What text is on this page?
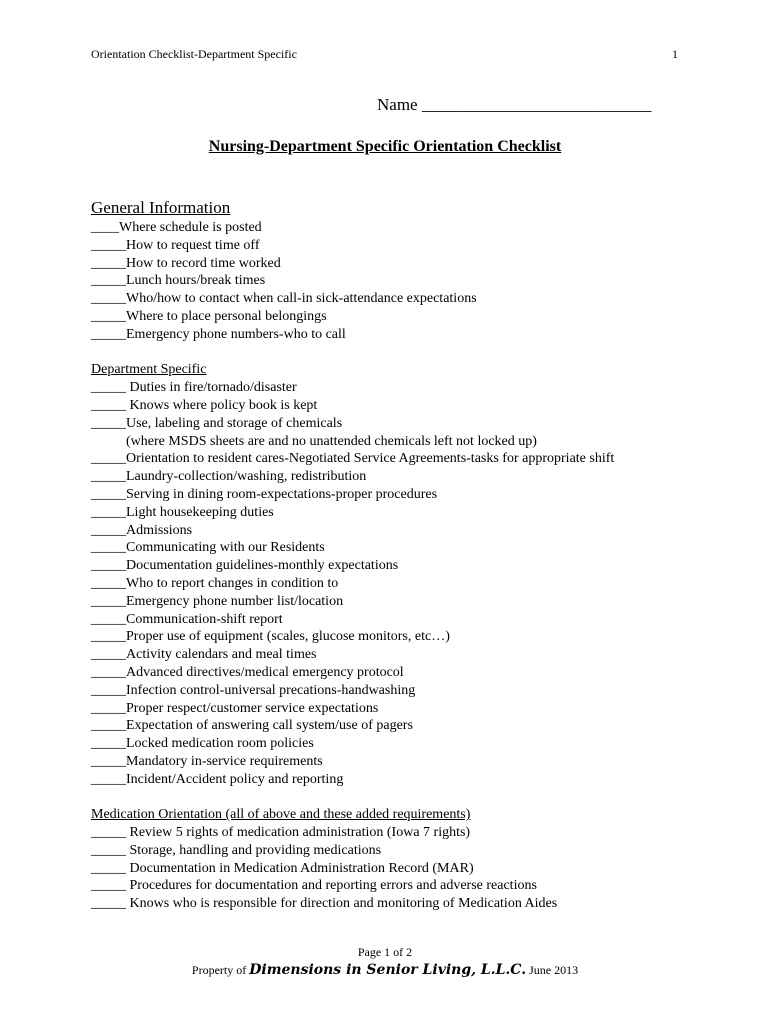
Orientation Checklist-Department Specific	1
Name ___________________________
Nursing-Department Specific Orientation Checklist
General Information
____Where schedule is posted
_____How to request time off
_____How to record time worked
_____Lunch hours/break times
_____Who/how to contact when call-in sick-attendance expectations
_____Where to place personal belongings
_____Emergency phone numbers-who to call
Department Specific
_____ Duties in fire/tornado/disaster
_____ Knows where policy book is kept
_____Use, labeling and storage of chemicals
(where MSDS sheets are and no unattended chemicals left not locked up)
_____Orientation to resident cares-Negotiated Service Agreements-tasks for appropriate shift
_____Laundry-collection/washing, redistribution
_____Serving in dining room-expectations-proper procedures
_____Light housekeeping duties
_____Admissions
_____Communicating with our Residents
_____Documentation guidelines-monthly expectations
_____Who to report changes in condition to
_____Emergency phone number list/location
_____Communication-shift report
_____Proper use of equipment (scales, glucose monitors, etc…)
_____Activity calendars and meal times
_____Advanced directives/medical emergency protocol
_____Infection control-universal precations-handwashing
_____Proper respect/customer service expectations
_____Expectation of answering call system/use of pagers
_____Locked medication room policies
_____Mandatory in-service requirements
_____Incident/Accident policy and reporting
Medication Orientation (all of above and these added requirements)
_____ Review 5 rights of medication administration (Iowa 7 rights)
_____ Storage, handling and providing medications
_____ Documentation in Medication Administration Record (MAR)
_____ Procedures for documentation and reporting errors and adverse reactions
_____ Knows who is responsible for direction and monitoring of Medication Aides
Page 1 of 2
Property of Dimensions in Senior Living, L.L.C. June 2013
